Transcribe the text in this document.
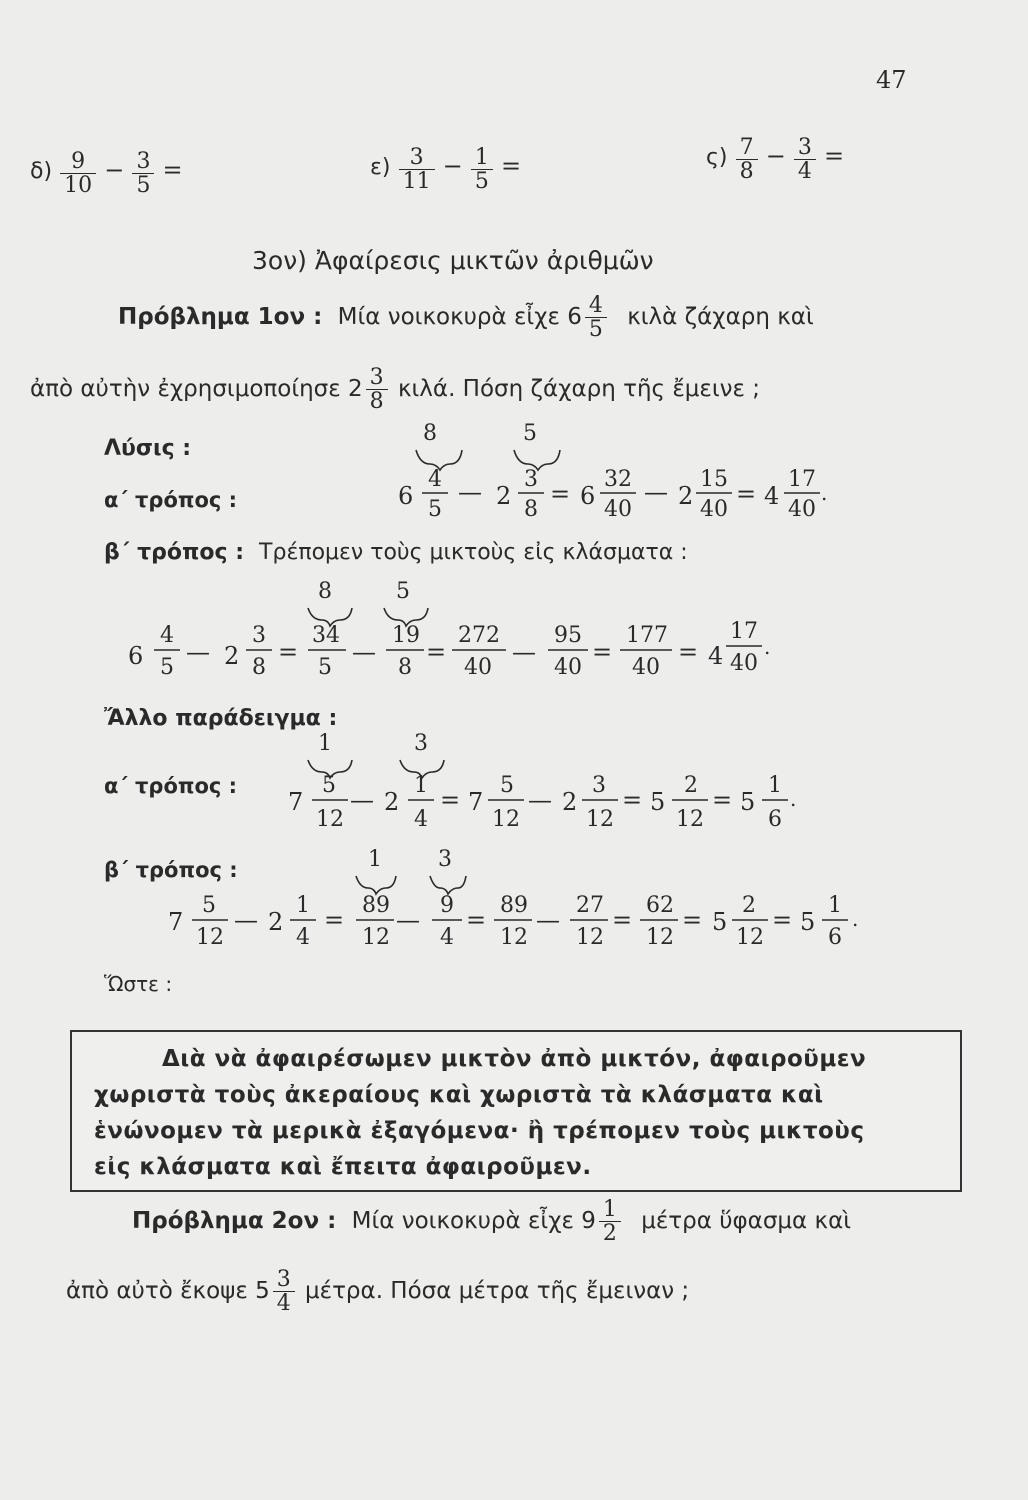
47
$\delta) \frac{9}{10} - \frac{3}{5}$ =	$\varepsilon) \frac{3}{11} - \frac{1}{5}$ =	$\varsigma) \frac{7}{8} - \frac{3}{4}$ =
3ον) Ἀφαίρεσις μικτῶν ἀριθμῶν
Πρόβλημα 1ον : Μία νοικοκυρὰ εἶχε $6 \frac{4}{5}$ κιλὰ ζάχαρη καὶ
ἀπὸ αὐτὴν ἐχρησιμοποίησε $2 \frac{3}{8} \kappa\iota\lambda ά$. Πόση ζάχαρη τῆς ἔμεινε ;
Λύσις :
α΄ τρόπος :
8	5
6
4
5
— 2
3
8
= 6
32
40
— 2
15
40
= 4
17
40
.
β΄ τρόπος : Τρέπομεν τοὺς μικτοὺς εἰς κλάσματα :
6
4
5
— 2
3
8
=
8
34
5
—
5
19
8
=
272
40
—
95
40
=
177
40
= 4
17
40
.
Ἄλλο παράδειγμα :
α΄ τρόπος :
1	3
7
5
12
— 2
1
4
= 7
5
12
— 2
3
12
= 5
2
12
= 5
1
6
.
β΄ τρόπος :
7
5
12
— 2
1
4
=
1
89
12
—
3
9
4
=
89
12
—
27
12
=
62
12
= 5
2
12
= 5
1
6
.
Ὥστε :

Διὰ νὰ ἀφαιρέσωμεν μικτὸν ἀπὸ μικτόν, ἀφαιροῦμεν

χωριστὰ τοὺς ἀκεραίους καὶ χωριστὰ τὰ κλάσματα καὶ

ἑνώνομεν τὰ μερικὰ ἐξαγόμενα· ἢ τρέπομεν τοὺς μικτοὺς

εἰς κλάσματα καὶ ἔπειτα ἀφαιροῦμεν.

Πρόβλημα 2ον : Μία νοικοκυρὰ εἶχε $9 \frac{1}{2}$ μέτρα ὕφασμα καὶ
ἀπὸ αὐτὸ ἔκοψε $5 \frac{3}{4} \mu έ\tau\rho\alpha$. Πόσα μέτρα τῆς ἔμειναν ;
